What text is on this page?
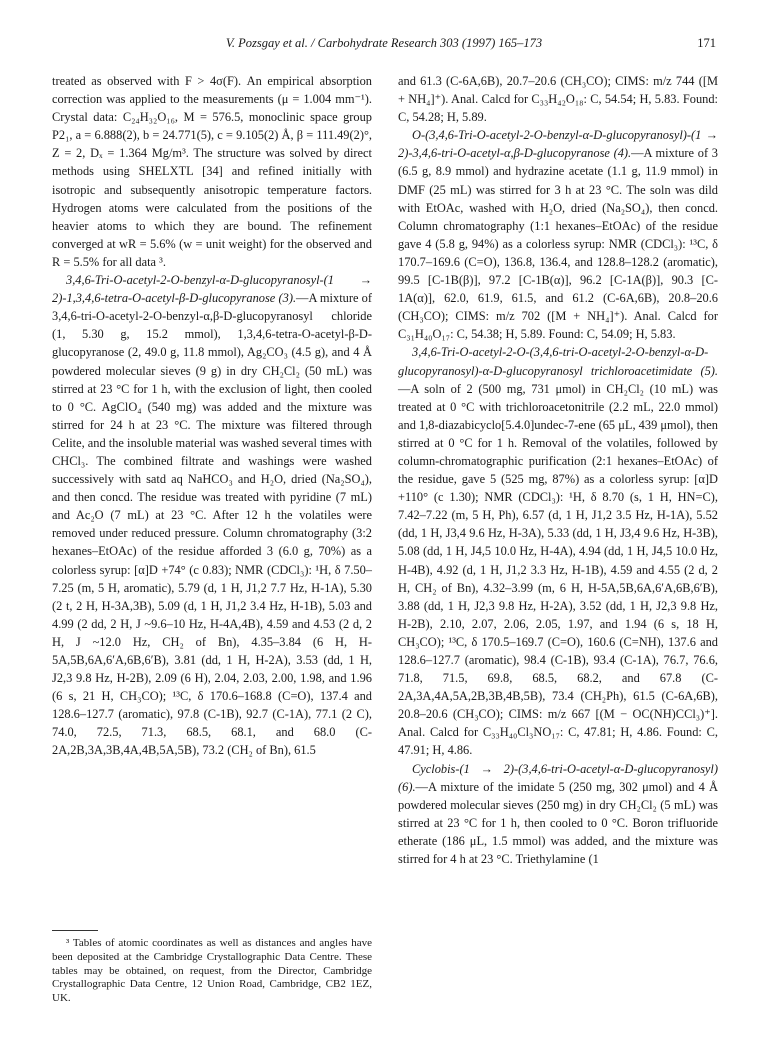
V. Pozsgay et al. / Carbohydrate Research 303 (1997) 165–173	171

treated as observed with F > 4σ(F). An empirical absorption correction was applied to the measurements (μ = 1.004 mm⁻¹). Crystal data: C₂₄H₃₂O₁₆, M = 576.5, monoclinic space group P2₁, a = 6.888(2), b = 24.771(5), c = 9.105(2) Å, β = 111.49(2)°, Z = 2, Dₓ = 1.364 Mg/m³. The structure was solved by direct methods using SHELXTL [34] and refined initially with isotropic and subsequently anisotropic temperature factors. Hydrogen atoms were calculated from the positions of the heavier atoms to which they are bound. The refinement converged at wR = 5.6% (w = unit weight) for the observed and R = 5.5% for all data ³.

3,4,6-Tri-O-acetyl-2-O-benzyl-α-D-glucopyranosyl-(1 → 2)-1,3,4,6-tetra-O-acetyl-β-D-glucopyranose (3).—A mixture of 3,4,6-tri-O-acetyl-2-O-benzyl-α,β-D-glucopyranosyl chloride (1, 5.30 g, 15.2 mmol), 1,3,4,6-tetra-O-acetyl-β-D-glucopyranose (2, 49.0 g, 11.8 mmol), Ag₂CO₃ (4.5 g), and 4 Å powdered molecular sieves (9 g) in dry CH₂Cl₂ (50 mL) was stirred at 23 °C for 1 h, with the exclusion of light, then cooled to 0 °C. AgClO₄ (540 mg) was added and the mixture was stirred for 24 h at 23 °C. The mixture was filtered through Celite, and the insoluble material was washed several times with CHCl₃. The combined filtrate and washings were washed successively with satd aq NaHCO₃ and H₂O, dried (Na₂SO₄), and then concd. The residue was treated with pyridine (7 mL) and Ac₂O (7 mL) at 23 °C. After 12 h the volatiles were removed under reduced pressure. Column chromatography (3:2 hexanes–EtOAc) of the residue afforded 3 (6.0 g, 70%) as a colorless syrup: [α]D +74° (c 0.83); NMR (CDCl₃): ¹H, δ 7.50–7.25 (m, 5 H, aromatic), 5.79 (d, 1 H, J1,2 7.7 Hz, H-1A), 5.30 (2 t, 2 H, H-3A,3B), 5.09 (d, 1 H, J1,2 3.4 Hz, H-1B), 5.03 and 4.99 (2 dd, 2 H, J ~9.6–10 Hz, H-4A,4B), 4.59 and 4.53 (2 d, 2 H, J ~12.0 Hz, CH₂ of Bn), 4.35–3.84 (6 H, H-5A,5B,6A,6′A,6B,6′B), 3.81 (dd, 1 H, H-2A), 3.53 (dd, 1 H, J2,3 9.8 Hz, H-2B), 2.09 (6 H), 2.04, 2.03, 2.00, 1.98, and 1.96 (6 s, 21 H, CH₃CO); ¹³C, δ 170.6–168.8 (C=O), 137.4 and 128.6–127.7 (aromatic), 97.8 (C-1B), 92.7 (C-1A), 77.1 (2 C), 74.0, 72.5, 71.3, 68.5, 68.1, and 68.0 (C-2A,2B,3A,3B,4A,4B,5A,5B), 73.2 (CH₂ of Bn), 61.5

³ Tables of atomic coordinates as well as distances and angles have been deposited at the Cambridge Crystallographic Data Centre. These tables may be obtained, on request, from the Director, Cambridge Crystallographic Data Centre, 12 Union Road, Cambridge, CB2 1EZ, UK.

and 61.3 (C-6A,6B), 20.7–20.6 (CH₃CO); CIMS: m/z 744 ([M + NH₄]⁺). Anal. Calcd for C₃₃H₄₂O₁₈: C, 54.54; H, 5.83. Found: C, 54.28; H, 5.89.

O-(3,4,6-Tri-O-acetyl-2-O-benzyl-α-D-glucopyranosyl)-(1 → 2)-3,4,6-tri-O-acetyl-α,β-D-glucopyranose (4).—A mixture of 3 (6.5 g, 8.9 mmol) and hydrazine acetate (1.1 g, 11.9 mmol) in DMF (25 mL) was stirred for 3 h at 23 °C. The soln was dild with EtOAc, washed with H₂O, dried (Na₂SO₄), then concd. Column chromatography (1:1 hexanes–EtOAc) of the residue gave 4 (5.8 g, 94%) as a colorless syrup: NMR (CDCl₃): ¹³C, δ 170.7–169.6 (C=O), 136.8, 136.4, and 128.8–128.2 (aromatic), 99.5 [C-1B(β)], 97.2 [C-1B(α)], 96.2 [C-1A(β)], 90.3 [C-1A(α)], 62.0, 61.9, 61.5, and 61.2 (C-6A,6B), 20.8–20.6 (CH₃CO); CIMS: m/z 702 ([M + NH₄]⁺). Anal. Calcd for C₃₁H₄₀O₁₇: C, 54.38; H, 5.89. Found: C, 54.09; H, 5.83.

3,4,6-Tri-O-acetyl-2-O-(3,4,6-tri-O-acetyl-2-O-benzyl-α-D-glucopyranosyl)-α-D-glucopyranosyl trichloroacetimidate (5).—A soln of 2 (500 mg, 731 μmol) in CH₂Cl₂ (10 mL) was treated at 0 °C with trichloroacetonitrile (2.2 mL, 22.0 mmol) and 1,8-diazabicyclo[5.4.0]undec-7-ene (65 μL, 439 μmol), then stirred at 0 °C for 1 h. Removal of the volatiles, followed by column-chromatographic purification (2:1 hexanes–EtOAc) of the residue, gave 5 (525 mg, 87%) as a colorless syrup: [α]D +110° (c 1.30); NMR (CDCl₃): ¹H, δ 8.70 (s, 1 H, HN=C), 7.42–7.22 (m, 5 H, Ph), 6.57 (d, 1 H, J1,2 3.5 Hz, H-1A), 5.52 (dd, 1 H, J3,4 9.6 Hz, H-3A), 5.33 (dd, 1 H, J3,4 9.6 Hz, H-3B), 5.08 (dd, 1 H, J4,5 10.0 Hz, H-4A), 4.94 (dd, 1 H, J4,5 10.0 Hz, H-4B), 4.92 (d, 1 H, J1,2 3.3 Hz, H-1B), 4.59 and 4.55 (2 d, 2 H, CH₂ of Bn), 4.32–3.99 (m, 6 H, H-5A,5B,6A,6′A,6B,6′B), 3.88 (dd, 1 H, J2,3 9.8 Hz, H-2A), 3.52 (dd, 1 H, J2,3 9.8 Hz, H-2B), 2.10, 2.07, 2.06, 2.05, 1.97, and 1.94 (6 s, 18 H, CH₃CO); ¹³C, δ 170.5–169.7 (C=O), 160.6 (C=NH), 137.6 and 128.6–127.7 (aromatic), 98.4 (C-1B), 93.4 (C-1A), 76.7, 76.6, 71.8, 71.5, 69.8, 68.5, 68.2, and 67.8 (C-2A,3A,4A,5A,2B,3B,4B,5B), 73.4 (CH₂Ph), 61.5 (C-6A,6B), 20.8–20.6 (CH₃CO); CIMS: m/z 667 [(M − OC(NH)CCl₃)⁺]. Anal. Calcd for C₃₃H₄₀Cl₃NO₁₇: C, 47.81; H, 4.86. Found: C, 47.91; H, 4.86.

Cyclobis-(1 → 2)-(3,4,6-tri-O-acetyl-α-D-glucopyranosyl) (6).—A mixture of the imidate 5 (250 mg, 302 μmol) and 4 Å powdered molecular sieves (250 mg) in dry CH₂Cl₂ (5 mL) was stirred at 23 °C for 1 h, then cooled to 0 °C. Boron trifluoride etherate (186 μL, 1.5 mmol) was added, and the mixture was stirred for 4 h at 23 °C. Triethylamine (1
